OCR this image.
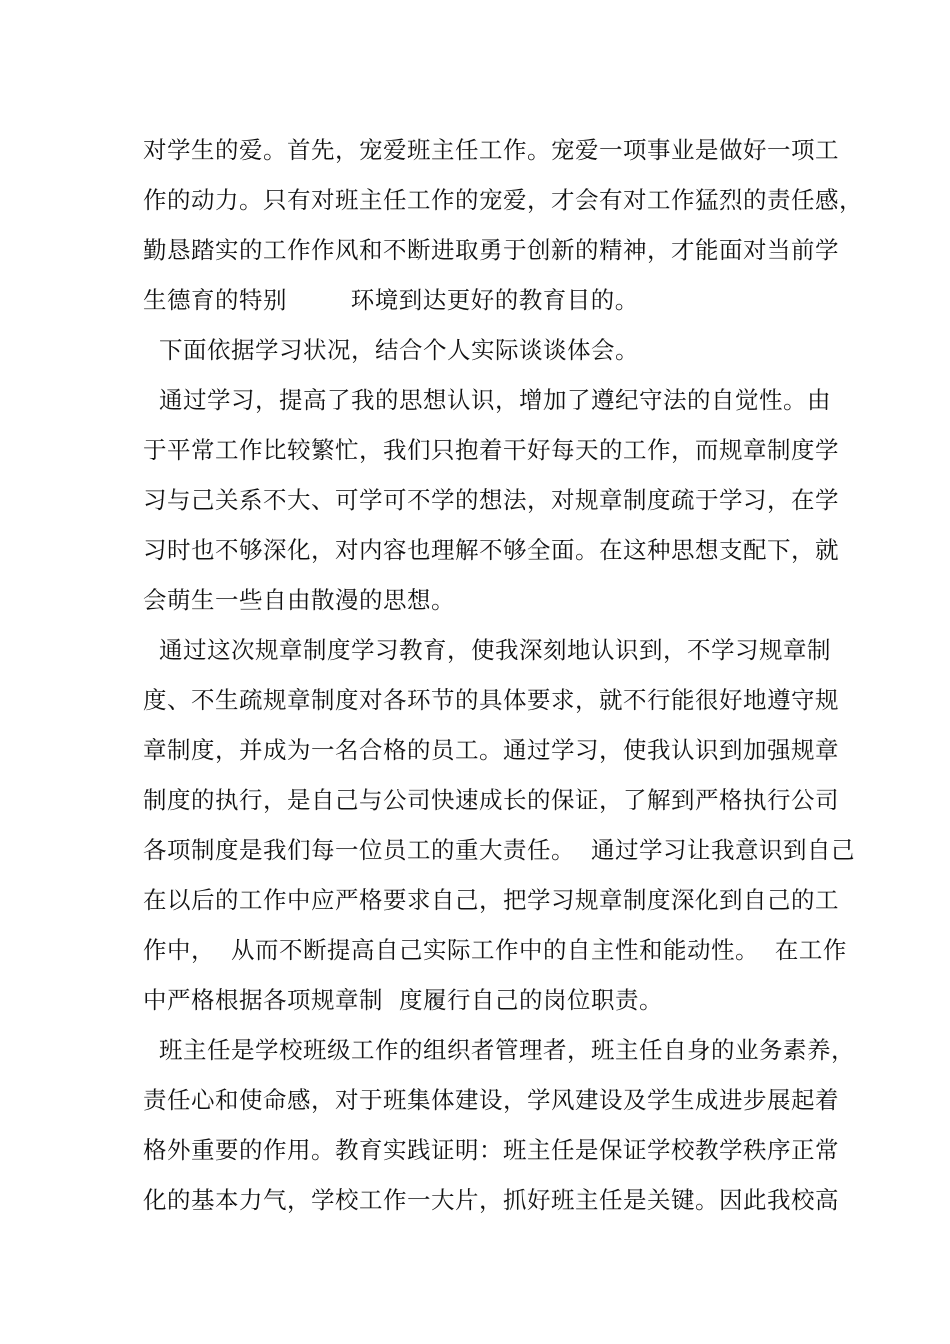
对学生的爱。首先，宠爱班主任工作。宠爱一项事业是做好一项工
作的动力。只有对班主任工作的宠爱，才会有对工作猛烈的责任感，
勤恳踏实的工作作风和不断进取勇于创新的精神，才能面对当前学
生德育的特别        环境到达更好的教育目的。
下面依据学习状况，结合个人实际谈谈体会。
通过学习，提高了我的思想认识，增加了遵纪守法的自觉性。由
于平常工作比较繁忙，我们只抱着干好每天的工作，而规章制度学
习与己关系不大、可学可不学的想法，对规章制度疏于学习，在学
习时也不够深化，对内容也理解不够全面。在这种思想支配下，就
会萌生一些自由散漫的思想。
通过这次规章制度学习教育，使我深刻地认识到，不学习规章制
度、不生疏规章制度对各环节的具体要求，就不行能很好地遵守规
章制度，并成为一名合格的员工。通过学习，使我认识到加强规章
制度的执行，是自己与公司快速成长的保证，了解到严格执行公司
各项制度是我们每一位员工的重大责任。  通过学习让我意识到自己
在以后的工作中应严格要求自己，把学习规章制度深化到自己的工
作中，  从而不断提高自己实际工作中的自主性和能动性。  在工作
中严格根据各项规章制  度履行自己的岗位职责。
班主任是学校班级工作的组织者管理者，班主任自身的业务素养，
责任心和使命感，对于班集体建设，学风建设及学生成进步展起着
格外重要的作用。教育实践证明：班主任是保证学校教学秩序正常
化的基本力气，学校工作一大片，抓好班主任是关键。因此我校高
